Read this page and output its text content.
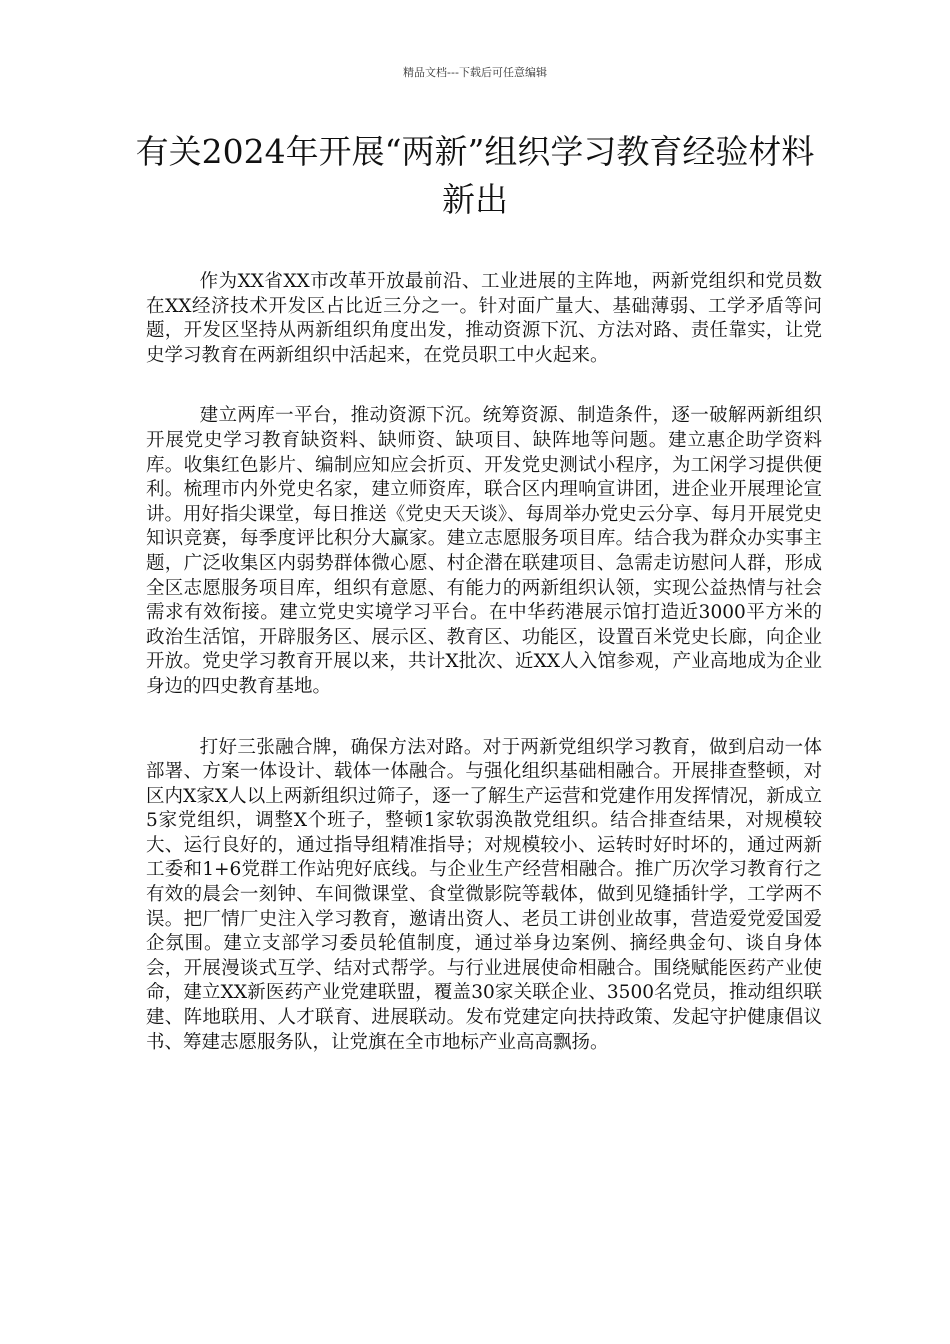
精品文档---下载后可任意编辑
有关2024年开展“两新”组织学习教育经验材料新出

作为XX省XX市改革开放最前沿、工业进展的主阵地，两新党组织和党员数在XX经济技术开发区占比近三分之一。针对面广量大、基础薄弱、工学矛盾等问题，开发区坚持从两新组织角度出发，推动资源下沉、方法对路、责任靠实，让党史学习教育在两新组织中活起来，在党员职工中火起来。

建立两库一平台，推动资源下沉。统筹资源、制造条件，逐一破解两新组织开展党史学习教育缺资料、缺师资、缺项目、缺阵地等问题。建立惠企助学资料库。收集红色影片、编制应知应会折页、开发党史测试小程序，为工闲学习提供便利。梳理市内外党史名家，建立师资库，联合区内理响宣讲团，进企业开展理论宣讲。用好指尖课堂，每日推送《党史天天谈》、每周举办党史云分享、每月开展党史知识竞赛，每季度评比积分大赢家。建立志愿服务项目库。结合我为群众办实事主题，广泛收集区内弱势群体微心愿、村企潜在联建项目、急需走访慰问人群，形成全区志愿服务项目库，组织有意愿、有能力的两新组织认领，实现公益热情与社会需求有效衔接。建立党史实境学习平台。在中华药港展示馆打造近3000平方米的政治生活馆，开辟服务区、展示区、教育区、功能区，设置百米党史长廊，向企业开放。党史学习教育开展以来，共计X批次、近XX人入馆参观，产业高地成为企业身边的四史教育基地。

打好三张融合牌，确保方法对路。对于两新党组织学习教育，做到启动一体部署、方案一体设计、载体一体融合。与强化组织基础相融合。开展排查整顿，对区内X家X人以上两新组织过筛子，逐一了解生产运营和党建作用发挥情况，新成立5家党组织，调整X个班子，整顿1家软弱涣散党组织。结合排查结果，对规模较大、运行良好的，通过指导组精准指导；对规模较小、运转时好时坏的，通过两新工委和1+6党群工作站兜好底线。与企业生产经营相融合。推广历次学习教育行之有效的晨会一刻钟、车间微课堂、食堂微影院等载体，做到见缝插针学，工学两不误。把厂情厂史注入学习教育，邀请出资人、老员工讲创业故事，营造爱党爱国爱企氛围。建立支部学习委员轮值制度，通过举身边案例、摘经典金句、谈自身体会，开展漫谈式互学、结对式帮学。与行业进展使命相融合。围绕赋能医药产业使命，建立XX新医药产业党建联盟，覆盖30家关联企业、3500名党员，推动组织联建、阵地联用、人才联育、进展联动。发布党建定向扶持政策、发起守护健康倡议书、筹建志愿服务队，让党旗在全市地标产业高高飘扬。
